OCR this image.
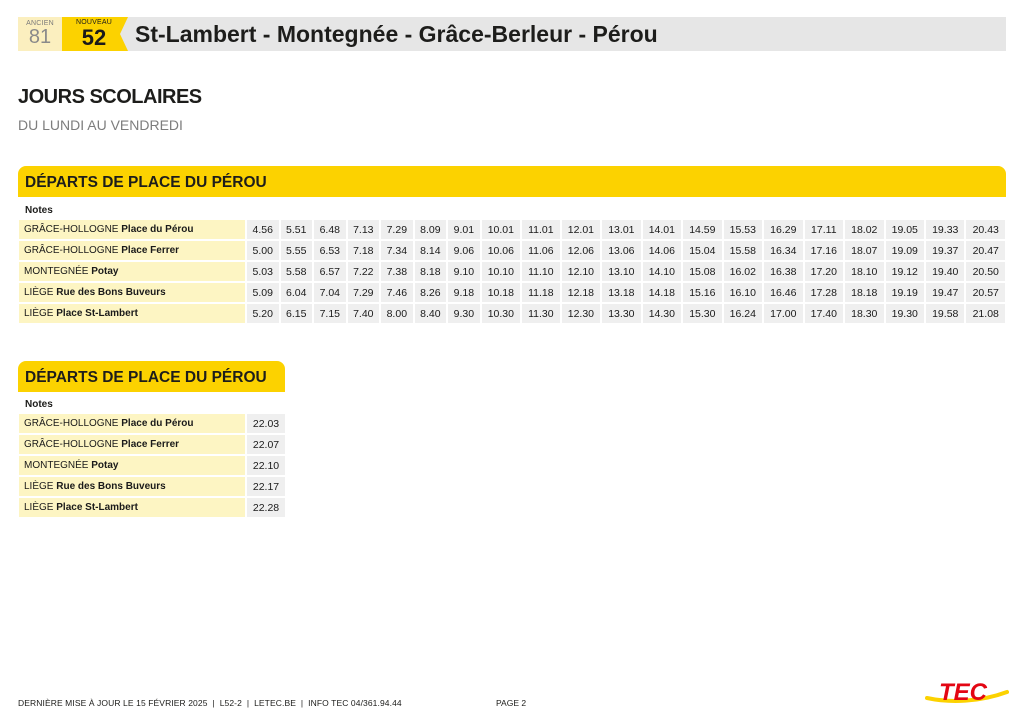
ANCIEN
81
NOUVEAU
52	St-Lambert - Montegnée - Grâce-Berleur - Pérou
JOURS SCOLAIRES
DU LUNDI AU VENDREDI
DÉPARTS DE PLACE DU PÉROU
Notes
GRÂCE-HOLLOGNE Place du Pérou	4.56	5.51	6.48	7.13	7.29	8.09	9.01	10.01	11.01	12.01	13.01	14.01	14.59	15.53	16.29	17.11	18.02	19.05	19.33	20.43
GRÂCE-HOLLOGNE Place Ferrer	5.00	5.55	6.53	7.18	7.34	8.14	9.06	10.06	11.06	12.06	13.06	14.06	15.04	15.58	16.34	17.16	18.07	19.09	19.37	20.47
MONTEGNÉE Potay	5.03	5.58	6.57	7.22	7.38	8.18	9.10	10.10	11.10	12.10	13.10	14.10	15.08	16.02	16.38	17.20	18.10	19.12	19.40	20.50
LIÈGE Rue des Bons Buveurs	5.09	6.04	7.04	7.29	7.46	8.26	9.18	10.18	11.18	12.18	13.18	14.18	15.16	16.10	16.46	17.28	18.18	19.19	19.47	20.57
LIÈGE Place St-Lambert	5.20	6.15	7.15	7.40	8.00	8.40	9.30	10.30	11.30	12.30	13.30	14.30	15.30	16.24	17.00	17.40	18.30	19.30	19.58	21.08
DÉPARTS DE PLACE DU PÉROU
Notes
GRÂCE-HOLLOGNE Place du Pérou	22.03
GRÂCE-HOLLOGNE Place Ferrer	22.07
MONTEGNÉE Potay	22.10
LIÈGE Rue des Bons Buveurs	22.17
LIÈGE Place St-Lambert	22.28
DERNIÈRE MISE À JOUR LE 15 FÉVRIER 2025  |  L52-2  |  LETEC.BE  |  INFO TEC 04/361.94.44	PAGE 2	TEC
